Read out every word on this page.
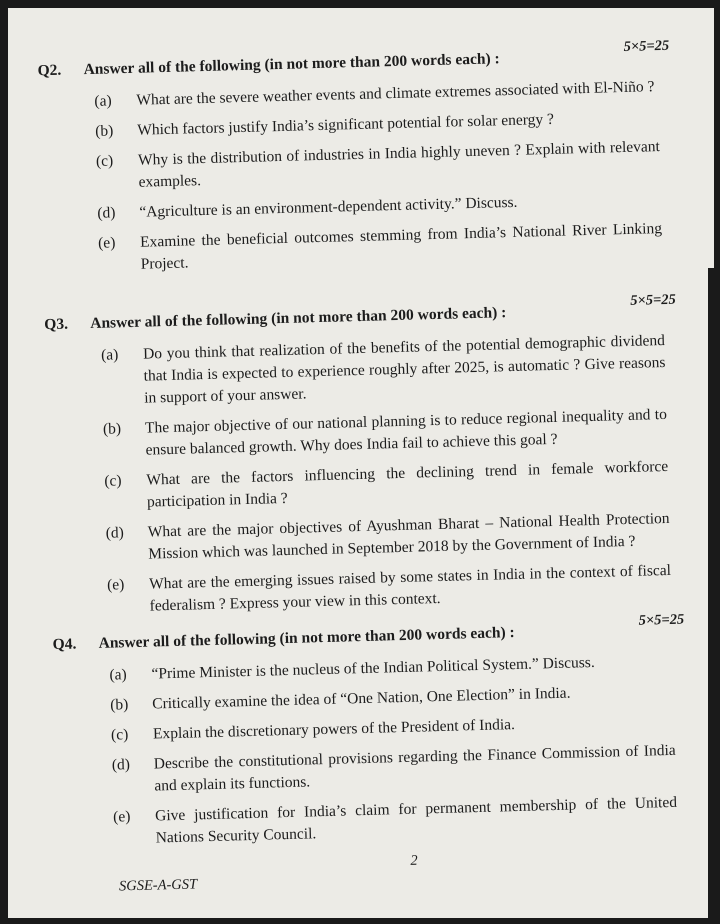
Q2. Answer all of the following (in not more than 200 words each) :
5×5=25
(a) What are the severe weather events and climate extremes associated with El-Niño ?
(b) Which factors justify India’s significant potential for solar energy ?
(c) Why is the distribution of industries in India highly uneven ? Explain with relevant examples.
(d) “Agriculture is an environment-dependent activity.” Discuss.
(e) Examine the beneficial outcomes stemming from India’s National River Linking Project.
Q3. Answer all of the following (in not more than 200 words each) :
5×5=25
(a) Do you think that realization of the benefits of the potential demographic dividend that India is expected to experience roughly after 2025, is automatic ? Give reasons in support of your answer.
(b) The major objective of our national planning is to reduce regional inequality and to ensure balanced growth. Why does India fail to achieve this goal ?
(c) What are the factors influencing the declining trend in female workforce participation in India ?
(d) What are the major objectives of Ayushman Bharat – National Health Protection Mission which was launched in September 2018 by the Government of India ?
(e) What are the emerging issues raised by some states in India in the context of fiscal federalism ? Express your view in this context.
Q4. Answer all of the following (in not more than 200 words each) :
5×5=25
(a) “Prime Minister is the nucleus of the Indian Political System.” Discuss.
(b) Critically examine the idea of “One Nation, One Election” in India.
(c) Explain the discretionary powers of the President of India.
(d) Describe the constitutional provisions regarding the Finance Commission of India and explain its functions.
(e) Give justification for India’s claim for permanent membership of the United Nations Security Council.
2
SGSE-A-GST
